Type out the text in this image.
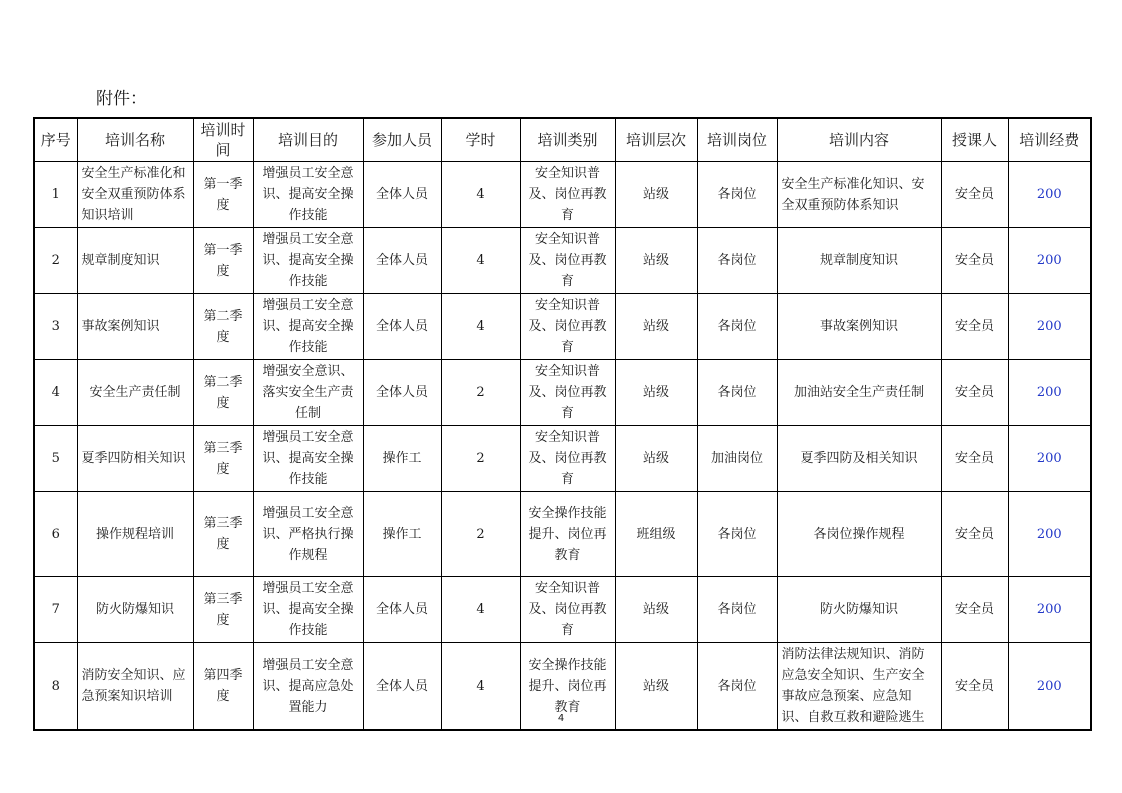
附件：
序号	培训名称	培训时间	培训目的	参加人员	学时	培训类别	培训层次	培训岗位	培训内容	授课人	培训经费
1	安全生产标准化和安全双重预防体系知识培训	第一季度	增强员工安全意识、提高安全操作技能	全体人员	4	安全知识普及、岗位再教育	站级	各岗位	安全生产标准化知识、安全双重预防体系知识	安全员	200
2	规章制度知识	第一季度	增强员工安全意识、提高安全操作技能	全体人员	4	安全知识普及、岗位再教育	站级	各岗位	规章制度知识	安全员	200
3	事故案例知识	第二季度	增强员工安全意识、提高安全操作技能	全体人员	4	安全知识普及、岗位再教育	站级	各岗位	事故案例知识	安全员	200
4	安全生产责任制	第二季度	增强安全意识、落实安全生产责任制	全体人员	2	安全知识普及、岗位再教育	站级	各岗位	加油站安全生产责任制	安全员	200
5	夏季四防相关知识	第三季度	增强员工安全意识、提高安全操作技能	操作工	2	安全知识普及、岗位再教育	站级	加油岗位	夏季四防及相关知识	安全员	200
6	操作规程培训	第三季度	增强员工安全意识、严格执行操作规程	操作工	2	安全操作技能提升、岗位再教育	班组级	各岗位	各岗位操作规程	安全员	200
7	防火防爆知识	第三季度	增强员工安全意识、提高安全操作技能	全体人员	4	安全知识普及、岗位再教育	站级	各岗位	防火防爆知识	安全员	200
8	消防安全知识、应急预案知识培训	第四季度	增强员工安全意识、提高应急处置能力	全体人员	4	安全操作技能提升、岗位再教育	站级	各岗位	消防法律法规知识、消防应急安全知识、生产安全事故应急预案、应急知识、自救互救和避险逃生	安全员	200
4
